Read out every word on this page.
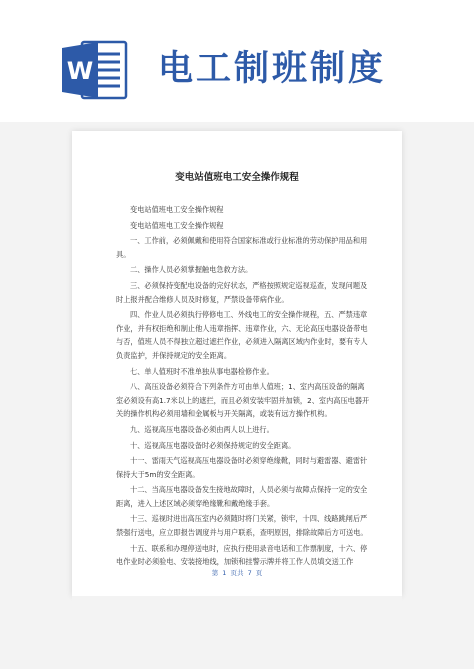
W 电工制班制度
变电站值班电工安全操作规程

变电站值班电工安全操作规程

变电站值班电工安全操作规程

一、工作前，必须佩戴和使用符合国家标准或行业标准的劳动保护用品和用具。

二、操作人员必须掌握触电急救方法。

三、必须保持变配电设备的完好状态，严格按照规定巡视巡查，发现问题及时上报并配合维修人员及时修复，严禁设备带病作业。

四、作业人员必须执行停修电工、外线电工的安全操作规程，五、严禁违章作业，并有权拒绝和制止他人违章指挥、违章作业，六、无论高压电器设备带电与否，值班人员不得独立超过遮拦作业，必须进入隔离区域内作业时，要有专人负责监护，并保持规定的安全距离。

七、单人值班时不准单独从事电器检修作业。

八、高压设备必须符合下列条件方可由单人值班；1、室内高压设备的隔离室必须设有高1.7米以上的遮拦，而且必须安装牢固并加锁，2、室内高压电器开关的操作机构必须用墙和金属板与开关隔离，或装有远方操作机构。

九、巡视高压电器设备必须由两人以上进行。

十、巡视高压电器设备时必须保持规定的安全距离。

十一、雷雨天气巡视高压电器设备时必须穿绝缘靴，同时与避雷器、避雷针保持大于5m的安全距离。

十二、当高压电器设备发生接地故障时，人员必须与故障点保持一定的安全距离，进入上述区域必须穿绝缘靴和戴绝缘手套。

十三、巡视时进出高压室内必须随时将门关紧，锁牢，十四、线路跳闸后严禁强行送电，应立即报告调度并与用户联系，查明原因，排除故障后方可送电。

十五、联系和办理停送电时，应执行使用录音电话和工作票制度，十六、停电作业时必须验电、安装接地线，加锁和挂警示牌并将工作人员填交送工作

第 1 页共 7 页
